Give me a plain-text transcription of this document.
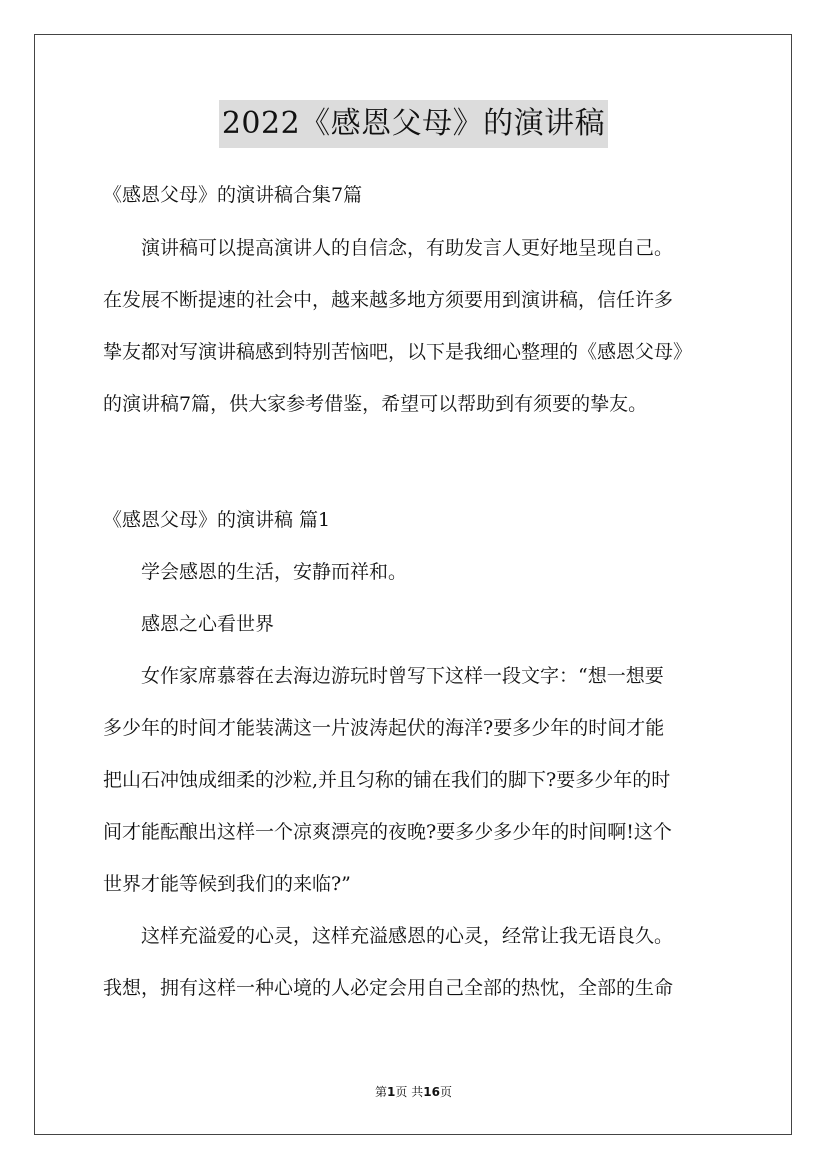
2022《感恩父母》的演讲稿

《感恩父母》的演讲稿合集7篇

演讲稿可以提高演讲人的自信念，有助发言人更好地呈现自己。
在发展不断提速的社会中，越来越多地方须要用到演讲稿，信任许多
挚友都对写演讲稿感到特别苦恼吧，以下是我细心整理的《感恩父母》
的演讲稿7篇，供大家参考借鉴，希望可以帮助到有须要的挚友。

《感恩父母》的演讲稿 篇1

学会感恩的生活，安静而祥和。
感恩之心看世界
女作家席慕蓉在去海边游玩时曾写下这样一段文字：“想一想要
多少年的时间才能装满这一片波涛起伏的海洋?要多少年的时间才能
把山石冲蚀成细柔的沙粒,并且匀称的铺在我们的脚下?要多少年的时
间才能酝酿出这样一个凉爽漂亮的夜晚?要多少多少年的时间啊!这个
世界才能等候到我们的来临?”
这样充溢爱的心灵，这样充溢感恩的心灵，经常让我无语良久。
我想，拥有这样一种心境的人必定会用自己全部的热忱，全部的生命
第1页 共16页
